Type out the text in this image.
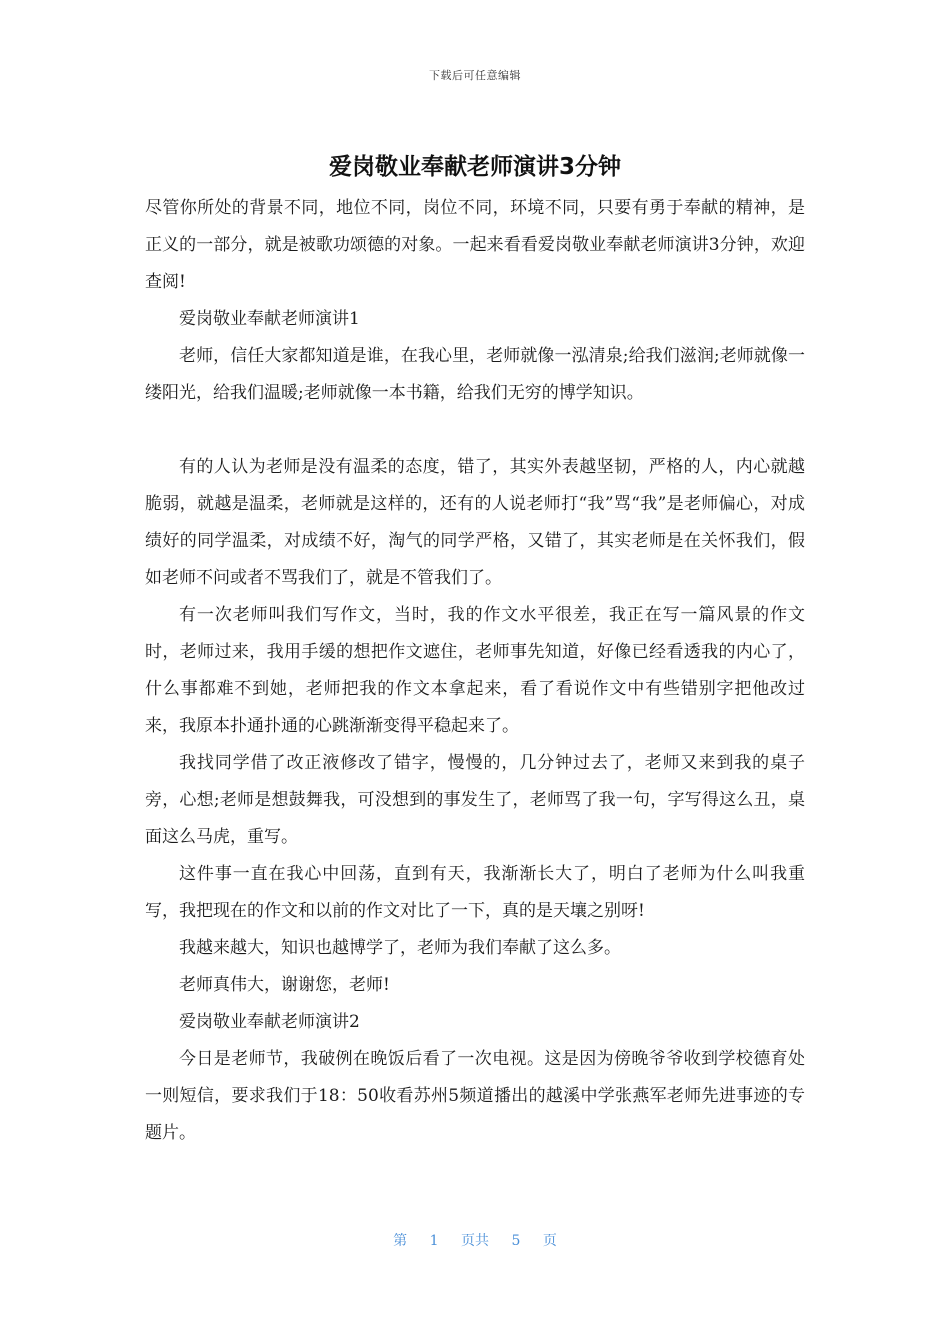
下载后可任意编辑
爱岗敬业奉献老师演讲3分钟

尽管你所处的背景不同，地位不同，岗位不同，环境不同，只要有勇于奉献的精神，是正义的一部分，就是被歌功颂德的对象。一起来看看爱岗敬业奉献老师演讲3分钟，欢迎查阅!

爱岗敬业奉献老师演讲1

老师，信任大家都知道是谁，在我心里，老师就像一泓清泉;给我们滋润;老师就像一缕阳光，给我们温暖;老师就像一本书籍，给我们无穷的博学知识。

有的人认为老师是没有温柔的态度，错了，其实外表越坚韧，严格的人，内心就越脆弱，就越是温柔，老师就是这样的，还有的人说老师打“我”骂“我”是老师偏心，对成绩好的同学温柔，对成绩不好，淘气的同学严格，又错了，其实老师是在关怀我们，假如老师不问或者不骂我们了，就是不管我们了。

有一次老师叫我们写作文，当时，我的作文水平很差，我正在写一篇风景的作文时，老师过来，我用手缓的想把作文遮住，老师事先知道，好像已经看透我的内心了，什么事都难不到她，老师把我的作文本拿起来，看了看说作文中有些错别字把他改过来，我原本扑通扑通的心跳渐渐变得平稳起来了。

我找同学借了改正液修改了错字，慢慢的，几分钟过去了，老师又来到我的桌子旁，心想;老师是想鼓舞我，可没想到的事发生了，老师骂了我一句，字写得这么丑，桌面这么马虎，重写。

这件事一直在我心中回荡，直到有天，我渐渐长大了，明白了老师为什么叫我重写，我把现在的作文和以前的作文对比了一下，真的是天壤之别呀!

我越来越大，知识也越博学了，老师为我们奉献了这么多。

老师真伟大，谢谢您，老师!

爱岗敬业奉献老师演讲2

今日是老师节，我破例在晚饭后看了一次电视。这是因为傍晚爷爷收到学校德育处一则短信，要求我们于18：50收看苏州5频道播出的越溪中学张燕军老师先进事迹的专题片。

第 1 页共 5 页
